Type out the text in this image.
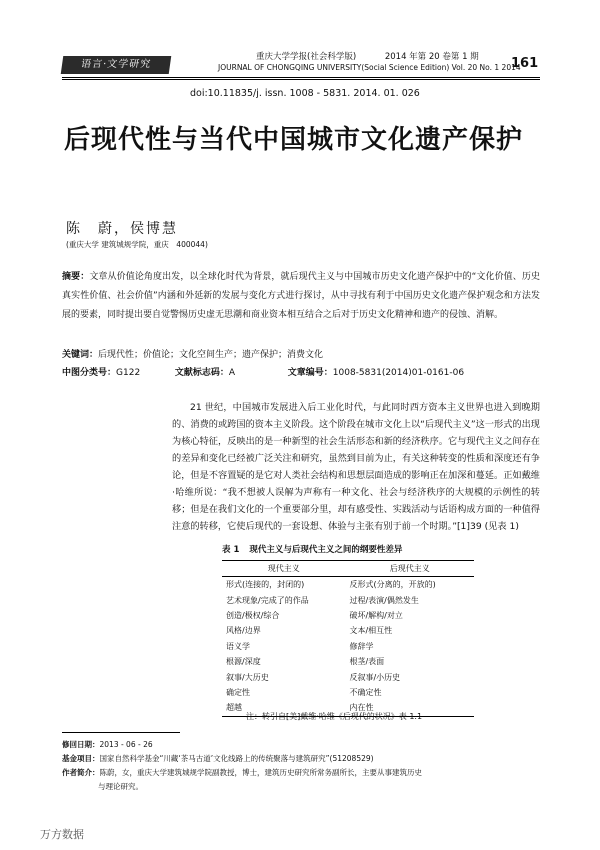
语言·文学研究
重庆大学学报(社会科学版)	2014 年第 20 卷第 1 期
JOURNAL OF CHONGQING UNIVERSITY(Social Science Edition) Vol. 20 No. 1 2014
161
doi:10.11835/j. issn. 1008 - 5831. 2014. 01. 026
后现代性与当代中国城市文化遗产保护
陈　蔚，侯博慧
(重庆大学 建筑城规学院，重庆　400044)
摘要：文章从价值论角度出发，以全球化时代为背景，就后现代主义与中国城市历史文化遗产保护中的“文化价值、历史真实性价值、社会价值”内涵和外延新的发展与变化方式进行探讨，从中寻找有利于中国历史文化遗产保护观念和方法发展的要素，同时提出要自觉警惕历史虚无思潮和商业资本相互结合之后对于历史文化精神和遗产的侵蚀、消解。
关键词：后现代性；价值论；文化空间生产；遗产保护；消费文化
中图分类号：G122	文献标志码：A	文章编号：1008-5831(2014)01-0161-06
21 世纪，中国城市发展进入后工业化时代，与此同时西方资本主义世界也进入到晚期的、消费的或跨国的资本主义阶段。这个阶段在城市文化上以“后现代主义”这一形式的出现为核心特征，反映出的是一种新型的社会生活形态和新的经济秩序。它与现代主义之间存在的差异和变化已经被广泛关注和研究，虽然到目前为止，有关这种转变的性质和深度还有争论，但是不容置疑的是它对人类社会结构和思想层面造成的影响正在加深和蔓延。正如戴维·哈维所说：“我不想被人误解为声称有一种文化、社会与经济秩序的大规模的示例性的转移；但是在我们文化的一个重要部分里，却有感受性、实践活动与话语构成方面的一种值得注意的转移，它使后现代的一套设想、体验与主张有别于前一个时期。”[1]39 (见表 1)
表 1 现代主义与后现代主义之间的纲要性差异
现代主义	后现代主义
形式(连接的，封闭的)	反形式(分离的，开放的)
艺术现象/完成了的作品	过程/表演/偶然发生
创造/极权/综合	破坏/解构/对立
风格/边界	文本/相互性
语义学	修辞学
根源/深度	根茎/表面
叙事/大历史	反叙事/小历史
确定性	不确定性
超越	内在性
注：转引自[美]戴维·哈维《后现代的状况》表 1.1
修回日期：2013 - 06 - 26
基金项目：国家自然科学基金“川藏‘茶马古道’文化线路上的传统聚落与建筑研究”(51208529)
作者简介：陈蔚，女，重庆大学建筑城规学院副教授，博士，建筑历史研究所常务副所长，主要从事建筑历史
与理论研究。
万方数据
